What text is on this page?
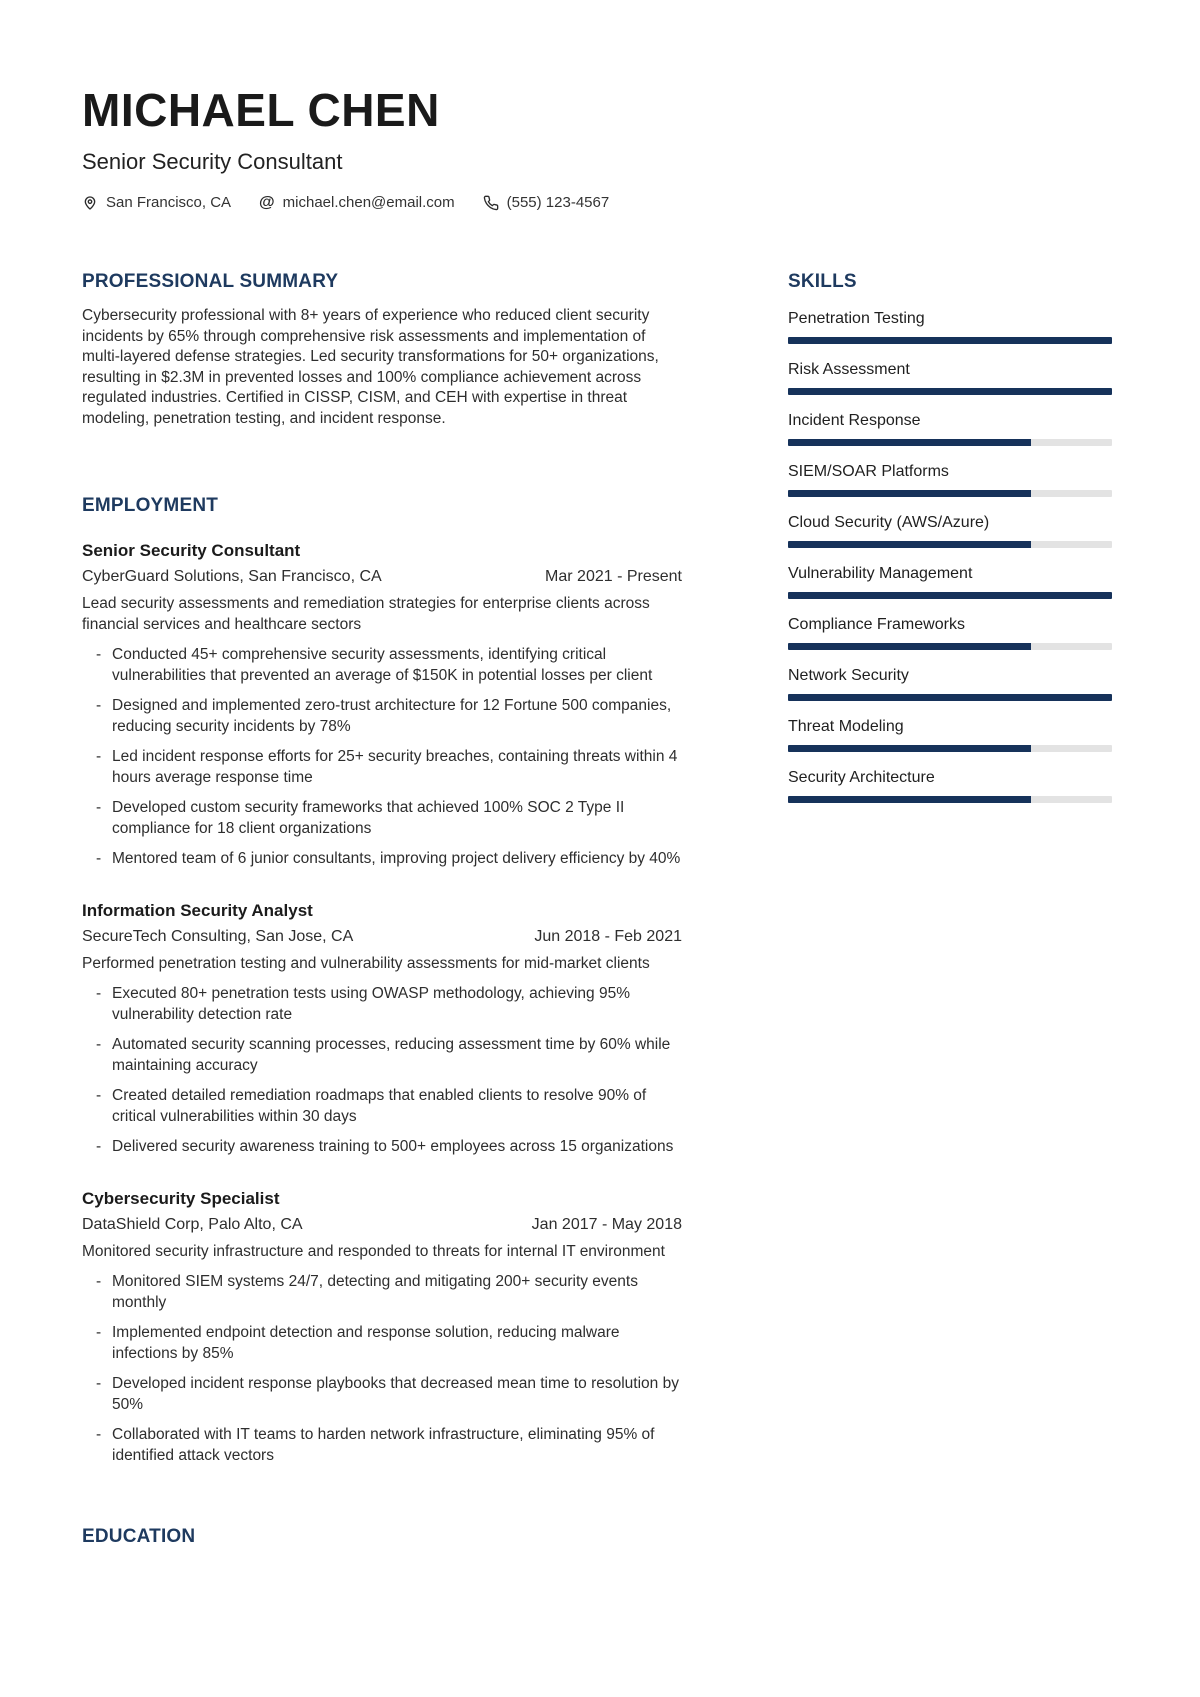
MICHAEL CHEN
Senior Security Consultant
San Francisco, CA @ michael.chen@email.com	(555) 123-4567
PROFESSIONAL SUMMARY

Cybersecurity professional with 8+ years of experience who reduced client security incidents by 65% through comprehensive risk assessments and implementation of multi-layered defense strategies. Led security transformations for 50+ organizations, resulting in $2.3M in prevented losses and 100% compliance achievement across regulated industries. Certified in CISSP, CISM, and CEH with expertise in threat modeling, penetration testing, and incident response.

EMPLOYMENT
Senior Security Consultant
CyberGuard Solutions, San Francisco, CA	Mar 2021 - Present
Lead security assessments and remediation strategies for enterprise clients across financial services and healthcare sectors
- Conducted 45+ comprehensive security assessments, identifying critical vulnerabilities that prevented an average of $150K in potential losses per client
- Designed and implemented zero-trust architecture for 12 Fortune 500 companies, reducing security incidents by 78%
- Led incident response efforts for 25+ security breaches, containing threats within 4 hours average response time
- Developed custom security frameworks that achieved 100% SOC 2 Type II compliance for 18 client organizations
- Mentored team of 6 junior consultants, improving project delivery efficiency by 40%
Information Security Analyst
SecureTech Consulting, San Jose, CA	Jun 2018 - Feb 2021
Performed penetration testing and vulnerability assessments for mid-market clients
- Executed 80+ penetration tests using OWASP methodology, achieving 95% vulnerability detection rate
- Automated security scanning processes, reducing assessment time by 60% while maintaining accuracy
- Created detailed remediation roadmaps that enabled clients to resolve 90% of critical vulnerabilities within 30 days
- Delivered security awareness training to 500+ employees across 15 organizations
Cybersecurity Specialist
DataShield Corp, Palo Alto, CA	Jan 2017 - May 2018
Monitored security infrastructure and responded to threats for internal IT environment
- Monitored SIEM systems 24/7, detecting and mitigating 200+ security events monthly
- Implemented endpoint detection and response solution, reducing malware infections by 85%
- Developed incident response playbooks that decreased mean time to resolution by 50%
- Collaborated with IT teams to harden network infrastructure, eliminating 95% of identified attack vectors
EDUCATION
SKILLS
Penetration Testing
Risk Assessment
Incident Response
SIEM/SOAR Platforms
Cloud Security (AWS/Azure)
Vulnerability Management
Compliance Frameworks
Network Security
Threat Modeling
Security Architecture
